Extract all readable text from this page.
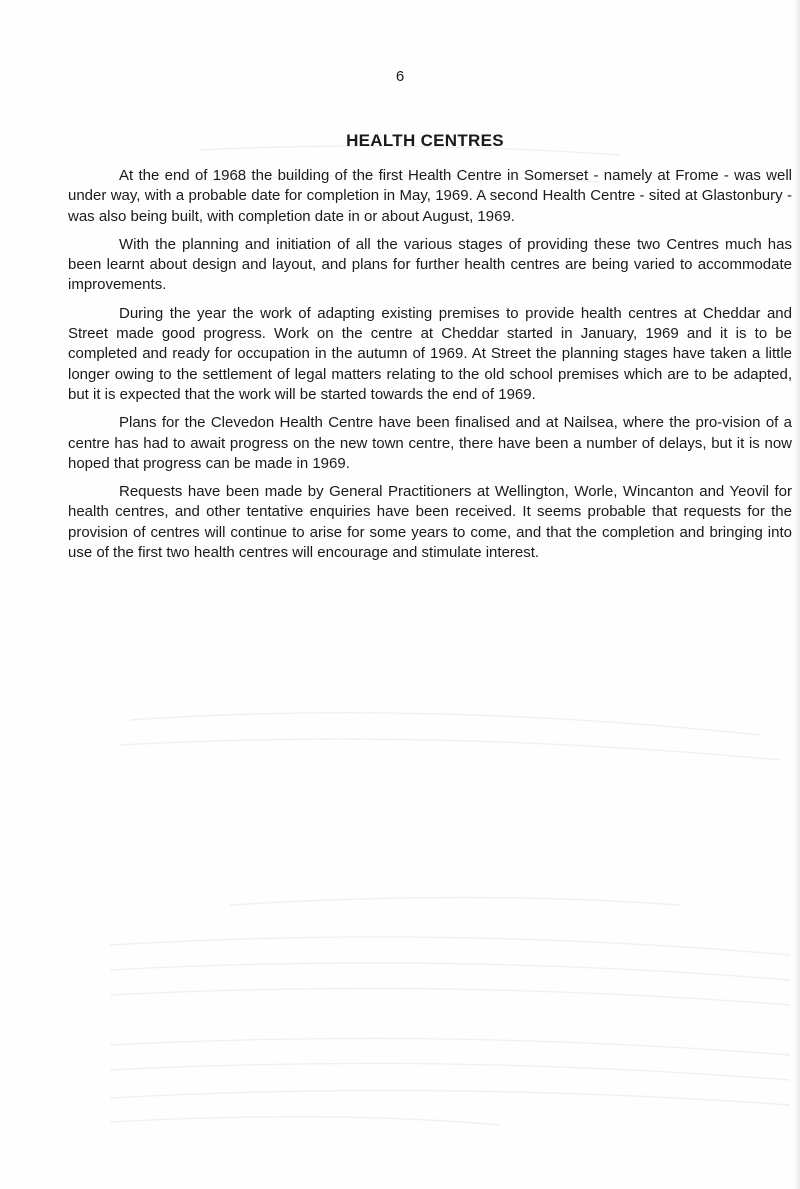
6
HEALTH CENTRES

At the end of 1968 the building of the first Health Centre in Somerset - namely at Frome - was well under way, with a probable date for completion in May, 1969. A second Health Centre - sited at Glastonbury - was also being built, with completion date in or about August, 1969.

With the planning and initiation of all the various stages of providing these two Centres much has been learnt about design and layout, and plans for further health centres are being varied to accommodate improvements.

During the year the work of adapting existing premises to provide health centres at Cheddar and Street made good progress. Work on the centre at Cheddar started in January, 1969 and it is to be completed and ready for occupation in the autumn of 1969. At Street the planning stages have taken a little longer owing to the settlement of legal matters relating to the old school premises which are to be adapted, but it is expected that the work will be started towards the end of 1969.

Plans for the Clevedon Health Centre have been finalised and at Nailsea, where the pro-vision of a centre has had to await progress on the new town centre, there have been a number of delays, but it is now hoped that progress can be made in 1969.

Requests have been made by General Practitioners at Wellington, Worle, Wincanton and Yeovil for health centres, and other tentative enquiries have been received. It seems probable that requests for the provision of centres will continue to arise for some years to come, and that the completion and bringing into use of the first two health centres will encourage and stimulate interest.
